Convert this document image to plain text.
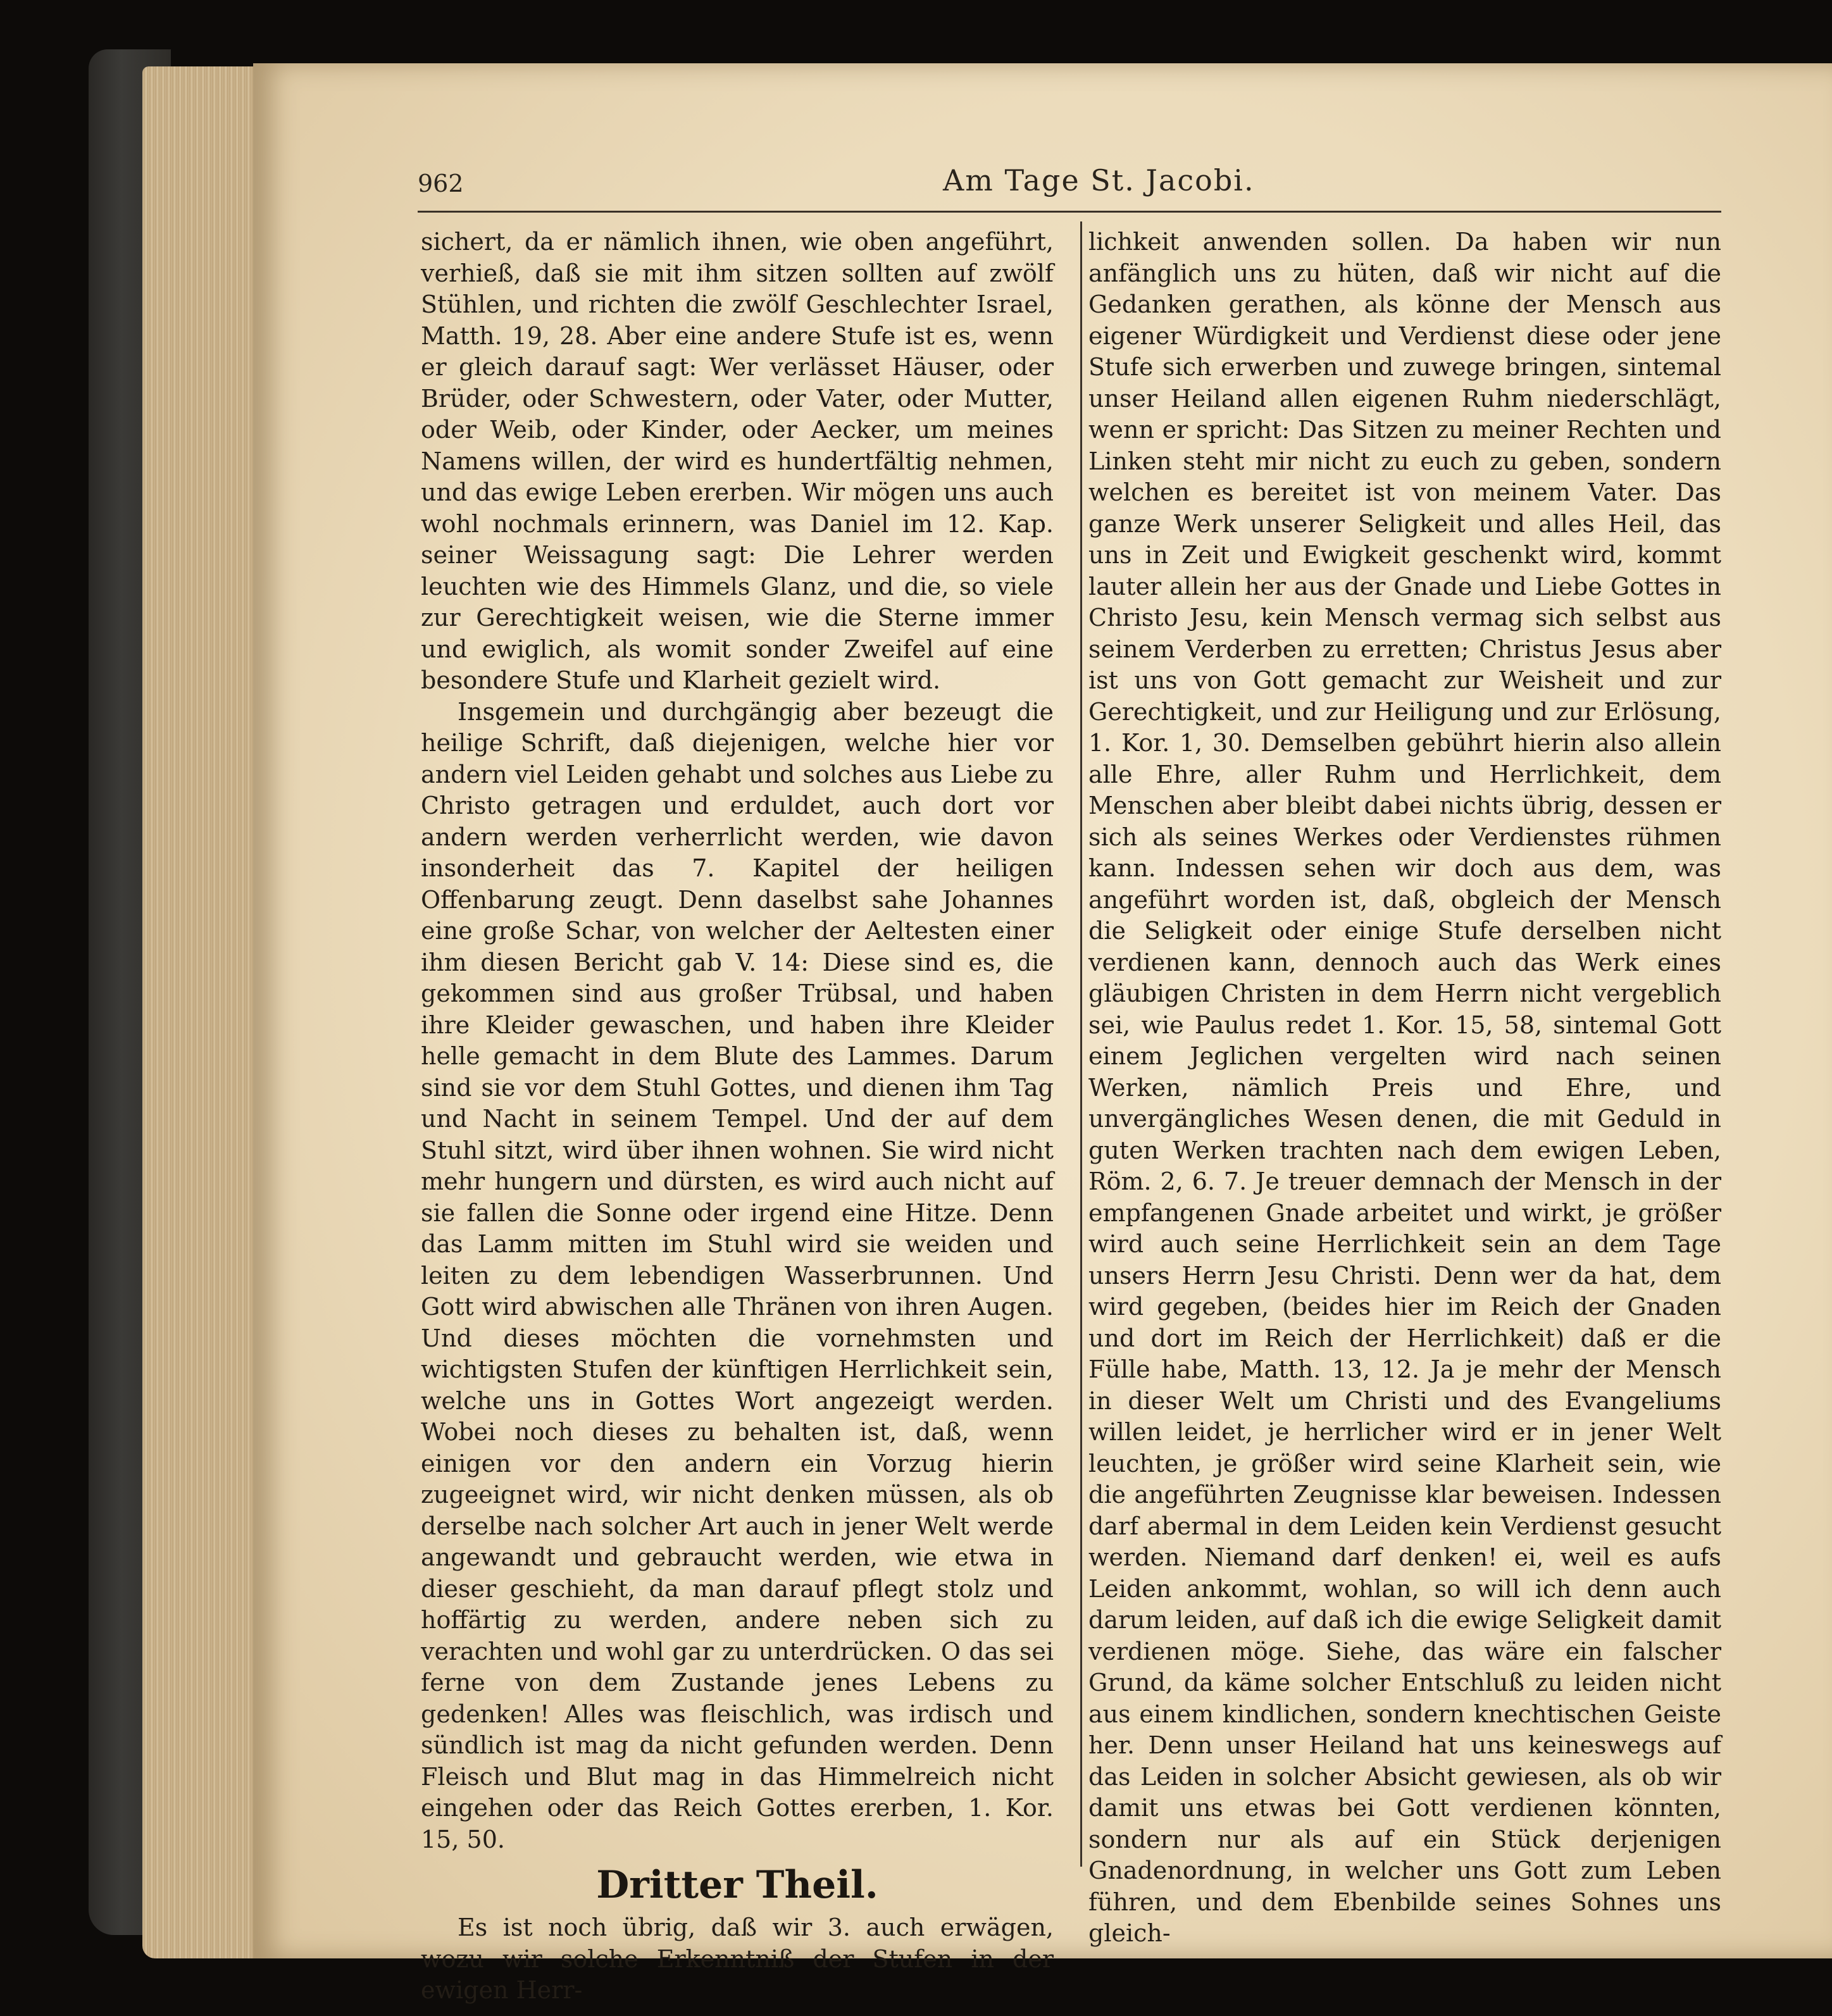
962	Am Tage St. Jacobi.

sichert, da er nämlich ihnen, wie oben angeführt, verhieß, daß sie mit ihm sitzen sollten auf zwölf Stühlen, und richten die zwölf Geschlechter Israel, Matth. 19, 28. Aber eine andere Stufe ist es, wenn er gleich darauf sagt: Wer verlässet Häuser, oder Brüder, oder Schwestern, oder Vater, oder Mutter, oder Weib, oder Kinder, oder Aecker, um meines Namens willen, der wird es hundertfältig nehmen, und das ewige Leben ererben. Wir mögen uns auch wohl nochmals erinnern, was Daniel im 12. Kap. seiner Weissagung sagt: Die Lehrer werden leuchten wie des Himmels Glanz, und die, so viele zur Gerechtigkeit weisen, wie die Sterne immer und ewiglich, als womit sonder Zweifel auf eine besondere Stufe und Klarheit gezielt wird.

Insgemein und durchgängig aber bezeugt die heilige Schrift, daß diejenigen, welche hier vor andern viel Leiden gehabt und solches aus Liebe zu Christo getragen und erduldet, auch dort vor andern werden verherrlicht werden, wie davon insonderheit das 7. Kapitel der heiligen Offenbarung zeugt. Denn daselbst sahe Johannes eine große Schar, von welcher der Aeltesten einer ihm diesen Bericht gab V. 14: Diese sind es, die gekommen sind aus großer Trübsal, und haben ihre Kleider gewaschen, und haben ihre Kleider helle gemacht in dem Blute des Lammes. Darum sind sie vor dem Stuhl Gottes, und dienen ihm Tag und Nacht in seinem Tempel. Und der auf dem Stuhl sitzt, wird über ihnen wohnen. Sie wird nicht mehr hungern und dürsten, es wird auch nicht auf sie fallen die Sonne oder irgend eine Hitze. Denn das Lamm mitten im Stuhl wird sie weiden und leiten zu dem lebendigen Wasserbrunnen. Und Gott wird abwischen alle Thränen von ihren Augen. Und dieses möchten die vornehmsten und wichtigsten Stufen der künftigen Herrlichkeit sein, welche uns in Gottes Wort angezeigt werden. Wobei noch dieses zu behalten ist, daß, wenn einigen vor den andern ein Vorzug hierin zugeeignet wird, wir nicht denken müssen, als ob derselbe nach solcher Art auch in jener Welt werde angewandt und gebraucht werden, wie etwa in dieser geschieht, da man darauf pflegt stolz und hoffärtig zu werden, andere neben sich zu verachten und wohl gar zu unterdrücken. O das sei ferne von dem Zustande jenes Lebens zu gedenken! Alles was fleischlich, was irdisch und sündlich ist mag da nicht gefunden werden. Denn Fleisch und Blut mag in das Himmelreich nicht eingehen oder das Reich Gottes ererben, 1. Kor. 15, 50.

Dritter Theil.

Es ist noch übrig, daß wir 3. auch erwägen, wozu wir solche Erkenntniß der Stufen in der ewigen Herr-

lichkeit anwenden sollen. Da haben wir nun anfänglich uns zu hüten, daß wir nicht auf die Gedanken gerathen, als könne der Mensch aus eigener Würdigkeit und Verdienst diese oder jene Stufe sich erwerben und zuwege bringen, sintemal unser Heiland allen eigenen Ruhm niederschlägt, wenn er spricht: Das Sitzen zu meiner Rechten und Linken steht mir nicht zu euch zu geben, sondern welchen es bereitet ist von meinem Vater. Das ganze Werk unserer Seligkeit und alles Heil, das uns in Zeit und Ewigkeit geschenkt wird, kommt lauter allein her aus der Gnade und Liebe Gottes in Christo Jesu, kein Mensch vermag sich selbst aus seinem Verderben zu erretten; Christus Jesus aber ist uns von Gott gemacht zur Weisheit und zur Gerechtigkeit, und zur Heiligung und zur Erlösung, 1. Kor. 1, 30. Demselben gebührt hierin also allein alle Ehre, aller Ruhm und Herrlichkeit, dem Menschen aber bleibt dabei nichts übrig, dessen er sich als seines Werkes oder Verdienstes rühmen kann. Indessen sehen wir doch aus dem, was angeführt worden ist, daß, obgleich der Mensch die Seligkeit oder einige Stufe derselben nicht verdienen kann, dennoch auch das Werk eines gläubigen Christen in dem Herrn nicht vergeblich sei, wie Paulus redet 1. Kor. 15, 58, sintemal Gott einem Jeglichen vergelten wird nach seinen Werken, nämlich Preis und Ehre, und unvergängliches Wesen denen, die mit Geduld in guten Werken trachten nach dem ewigen Leben, Röm. 2, 6. 7. Je treuer demnach der Mensch in der empfangenen Gnade arbeitet und wirkt, je größer wird auch seine Herrlichkeit sein an dem Tage unsers Herrn Jesu Christi. Denn wer da hat, dem wird gegeben, (beides hier im Reich der Gnaden und dort im Reich der Herrlichkeit) daß er die Fülle habe, Matth. 13, 12. Ja je mehr der Mensch in dieser Welt um Christi und des Evangeliums willen leidet, je herrlicher wird er in jener Welt leuchten, je größer wird seine Klarheit sein, wie die angeführten Zeugnisse klar beweisen. Indessen darf abermal in dem Leiden kein Verdienst gesucht werden. Niemand darf denken! ei, weil es aufs Leiden ankommt, wohlan, so will ich denn auch darum leiden, auf daß ich die ewige Seligkeit damit verdienen möge. Siehe, das wäre ein falscher Grund, da käme solcher Entschluß zu leiden nicht aus einem kindlichen, sondern knechtischen Geiste her. Denn unser Heiland hat uns keineswegs auf das Leiden in solcher Absicht gewiesen, als ob wir damit uns etwas bei Gott verdienen könnten, sondern nur als auf ein Stück derjenigen Gnadenordnung, in welcher uns Gott zum Leben führen, und dem Ebenbilde seines Sohnes uns gleich-
